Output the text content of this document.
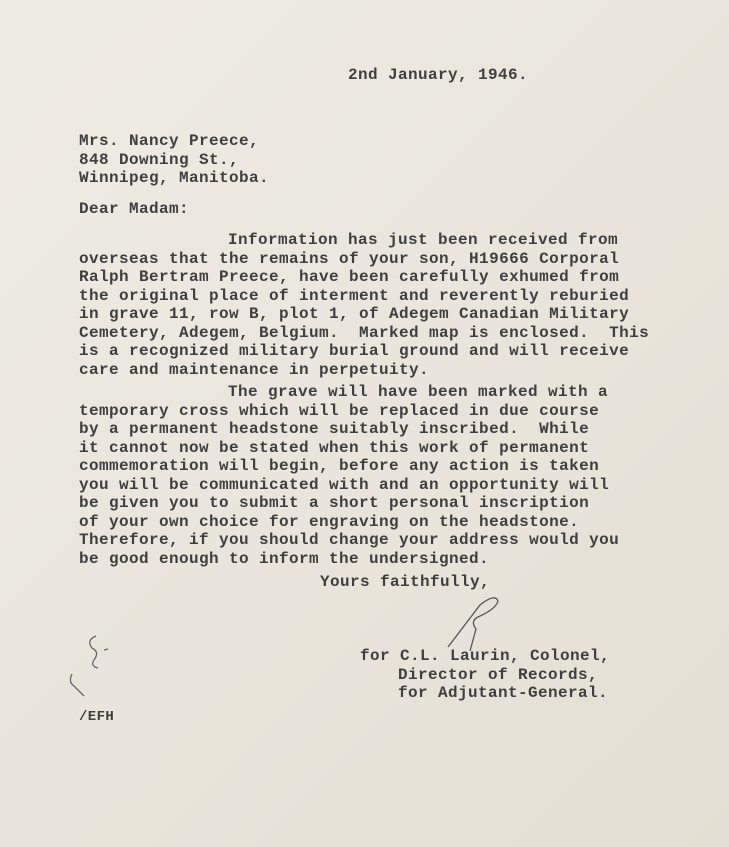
2nd January, 1946.
Mrs. Nancy Preece,
848 Downing St.,
Winnipeg, Manitoba.
Dear Madam:
Information has just been received from
overseas that the remains of your son, H19666 Corporal
Ralph Bertram Preece, have been carefully exhumed from
the original place of interment and reverently reburied
in grave 11, row B, plot 1, of Adegem Canadian Military
Cemetery, Adegem, Belgium.  Marked map is enclosed.  This
is a recognized military burial ground and will receive
care and maintenance in perpetuity.
The grave will have been marked with a
temporary cross which will be replaced in due course
by a permanent headstone suitably inscribed.  While
it cannot now be stated when this work of permanent
commemoration will begin, before any action is taken
you will be communicated with and an opportunity will
be given you to submit a short personal inscription
of your own choice for engraving on the headstone.
Therefore, if you should change your address would you
be good enough to inform the undersigned.
Yours faithfully,
for C.L. Laurin, Colonel,
Director of Records,
for Adjutant-General.
/EFH
